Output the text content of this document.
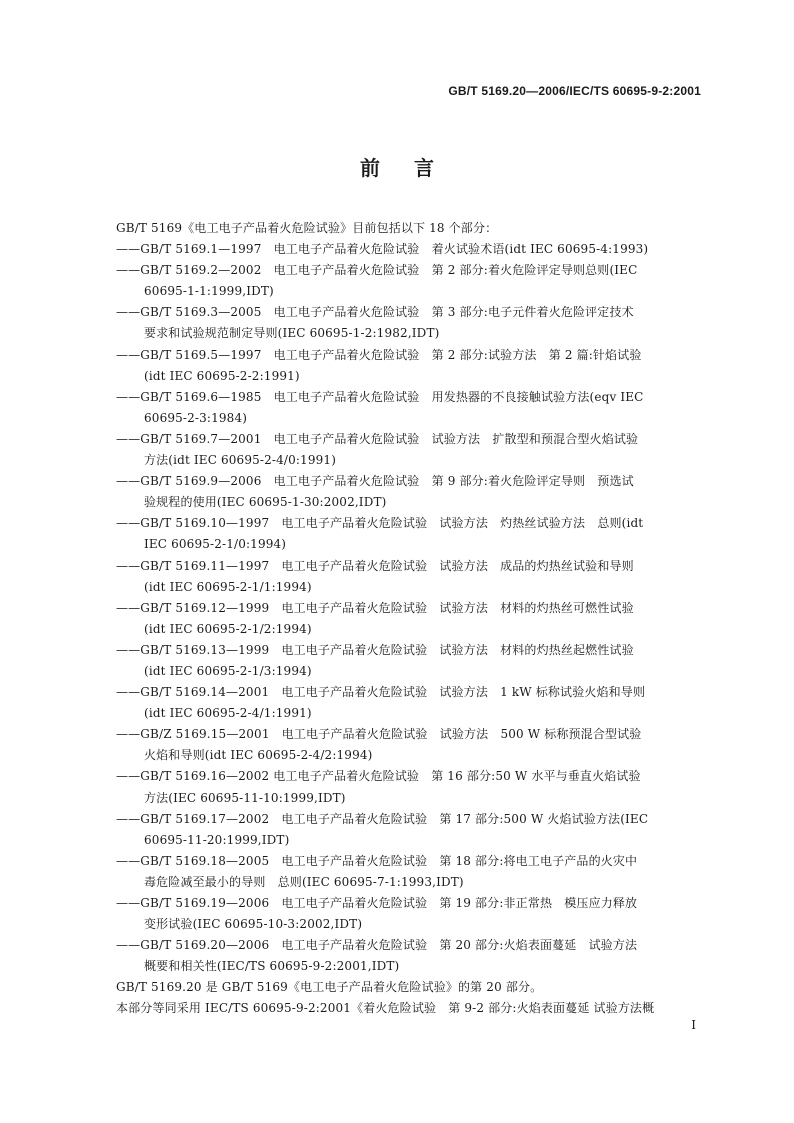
GB/T 5169.20—2006/IEC/TS 60695-9-2:2001
前言
GB/T 5169《电工电子产品着火危险试验》目前包括以下 18 个部分：
——GB/T 5169.1—1997　电工电子产品着火危险试验　着火试验术语(idt IEC 60695-4:1993)
——GB/T 5169.2—2002　电工电子产品着火危险试验　第 2 部分:着火危险评定导则总则(IEC
60695-1-1:1999,IDT)
——GB/T 5169.3—2005　电工电子产品着火危险试验　第 3 部分:电子元件着火危险评定技术
要求和试验规范制定导则(IEC 60695-1-2:1982,IDT)
——GB/T 5169.5—1997　电工电子产品着火危险试验　第 2 部分:试验方法　第 2 篇:针焰试验
(idt IEC 60695-2-2:1991)
——GB/T 5169.6—1985　电工电子产品着火危险试验　用发热器的不良接触试验方法(eqv IEC
60695-2-3:1984)
——GB/T 5169.7—2001　电工电子产品着火危险试验　试验方法　扩散型和预混合型火焰试验
方法(idt IEC 60695-2-4/0:1991)
——GB/T 5169.9—2006　电工电子产品着火危险试验　第 9 部分:着火危险评定导则　预选试
验规程的使用(IEC 60695-1-30:2002,IDT)
——GB/T 5169.10—1997　电工电子产品着火危险试验　试验方法　灼热丝试验方法　总则(idt
IEC 60695-2-1/0:1994)
——GB/T 5169.11—1997　电工电子产品着火危险试验　试验方法　成品的灼热丝试验和导则
(idt IEC 60695-2-1/1:1994)
——GB/T 5169.12—1999　电工电子产品着火危险试验　试验方法　材料的灼热丝可燃性试验
(idt IEC 60695-2-1/2:1994)
——GB/T 5169.13—1999　电工电子产品着火危险试验　试验方法　材料的灼热丝起燃性试验
(idt IEC 60695-2-1/3:1994)
——GB/T 5169.14—2001　电工电子产品着火危险试验　试验方法　1 kW 标称试验火焰和导则
(idt IEC 60695-2-4/1:1991)
——GB/Z 5169.15—2001　电工电子产品着火危险试验　试验方法　500 W 标称预混合型试验
火焰和导则(idt IEC 60695-2-4/2:1994)
——GB/T 5169.16—2002 电工电子产品着火危险试验　第 16 部分:50 W 水平与垂直火焰试验
方法(IEC 60695-11-10:1999,IDT)
——GB/T 5169.17—2002　电工电子产品着火危险试验　第 17 部分:500 W 火焰试验方法(IEC
60695-11-20:1999,IDT)
——GB/T 5169.18—2005　电工电子产品着火危险试验　第 18 部分:将电工电子产品的火灾中
毒危险减至最小的导则　总则(IEC 60695-7-1:1993,IDT)
——GB/T 5169.19—2006　电工电子产品着火危险试验　第 19 部分:非正常热　模压应力释放
变形试验(IEC 60695-10-3:2002,IDT)
——GB/T 5169.20—2006　电工电子产品着火危险试验　第 20 部分:火焰表面蔓延　试验方法
概要和相关性(IEC/TS 60695-9-2:2001,IDT)
GB/T 5169.20 是 GB/T 5169《电工电子产品着火危险试验》的第 20 部分。
本部分等同采用 IEC/TS 60695-9-2:2001《着火危险试验　第 9-2 部分:火焰表面蔓延 试验方法概
I
